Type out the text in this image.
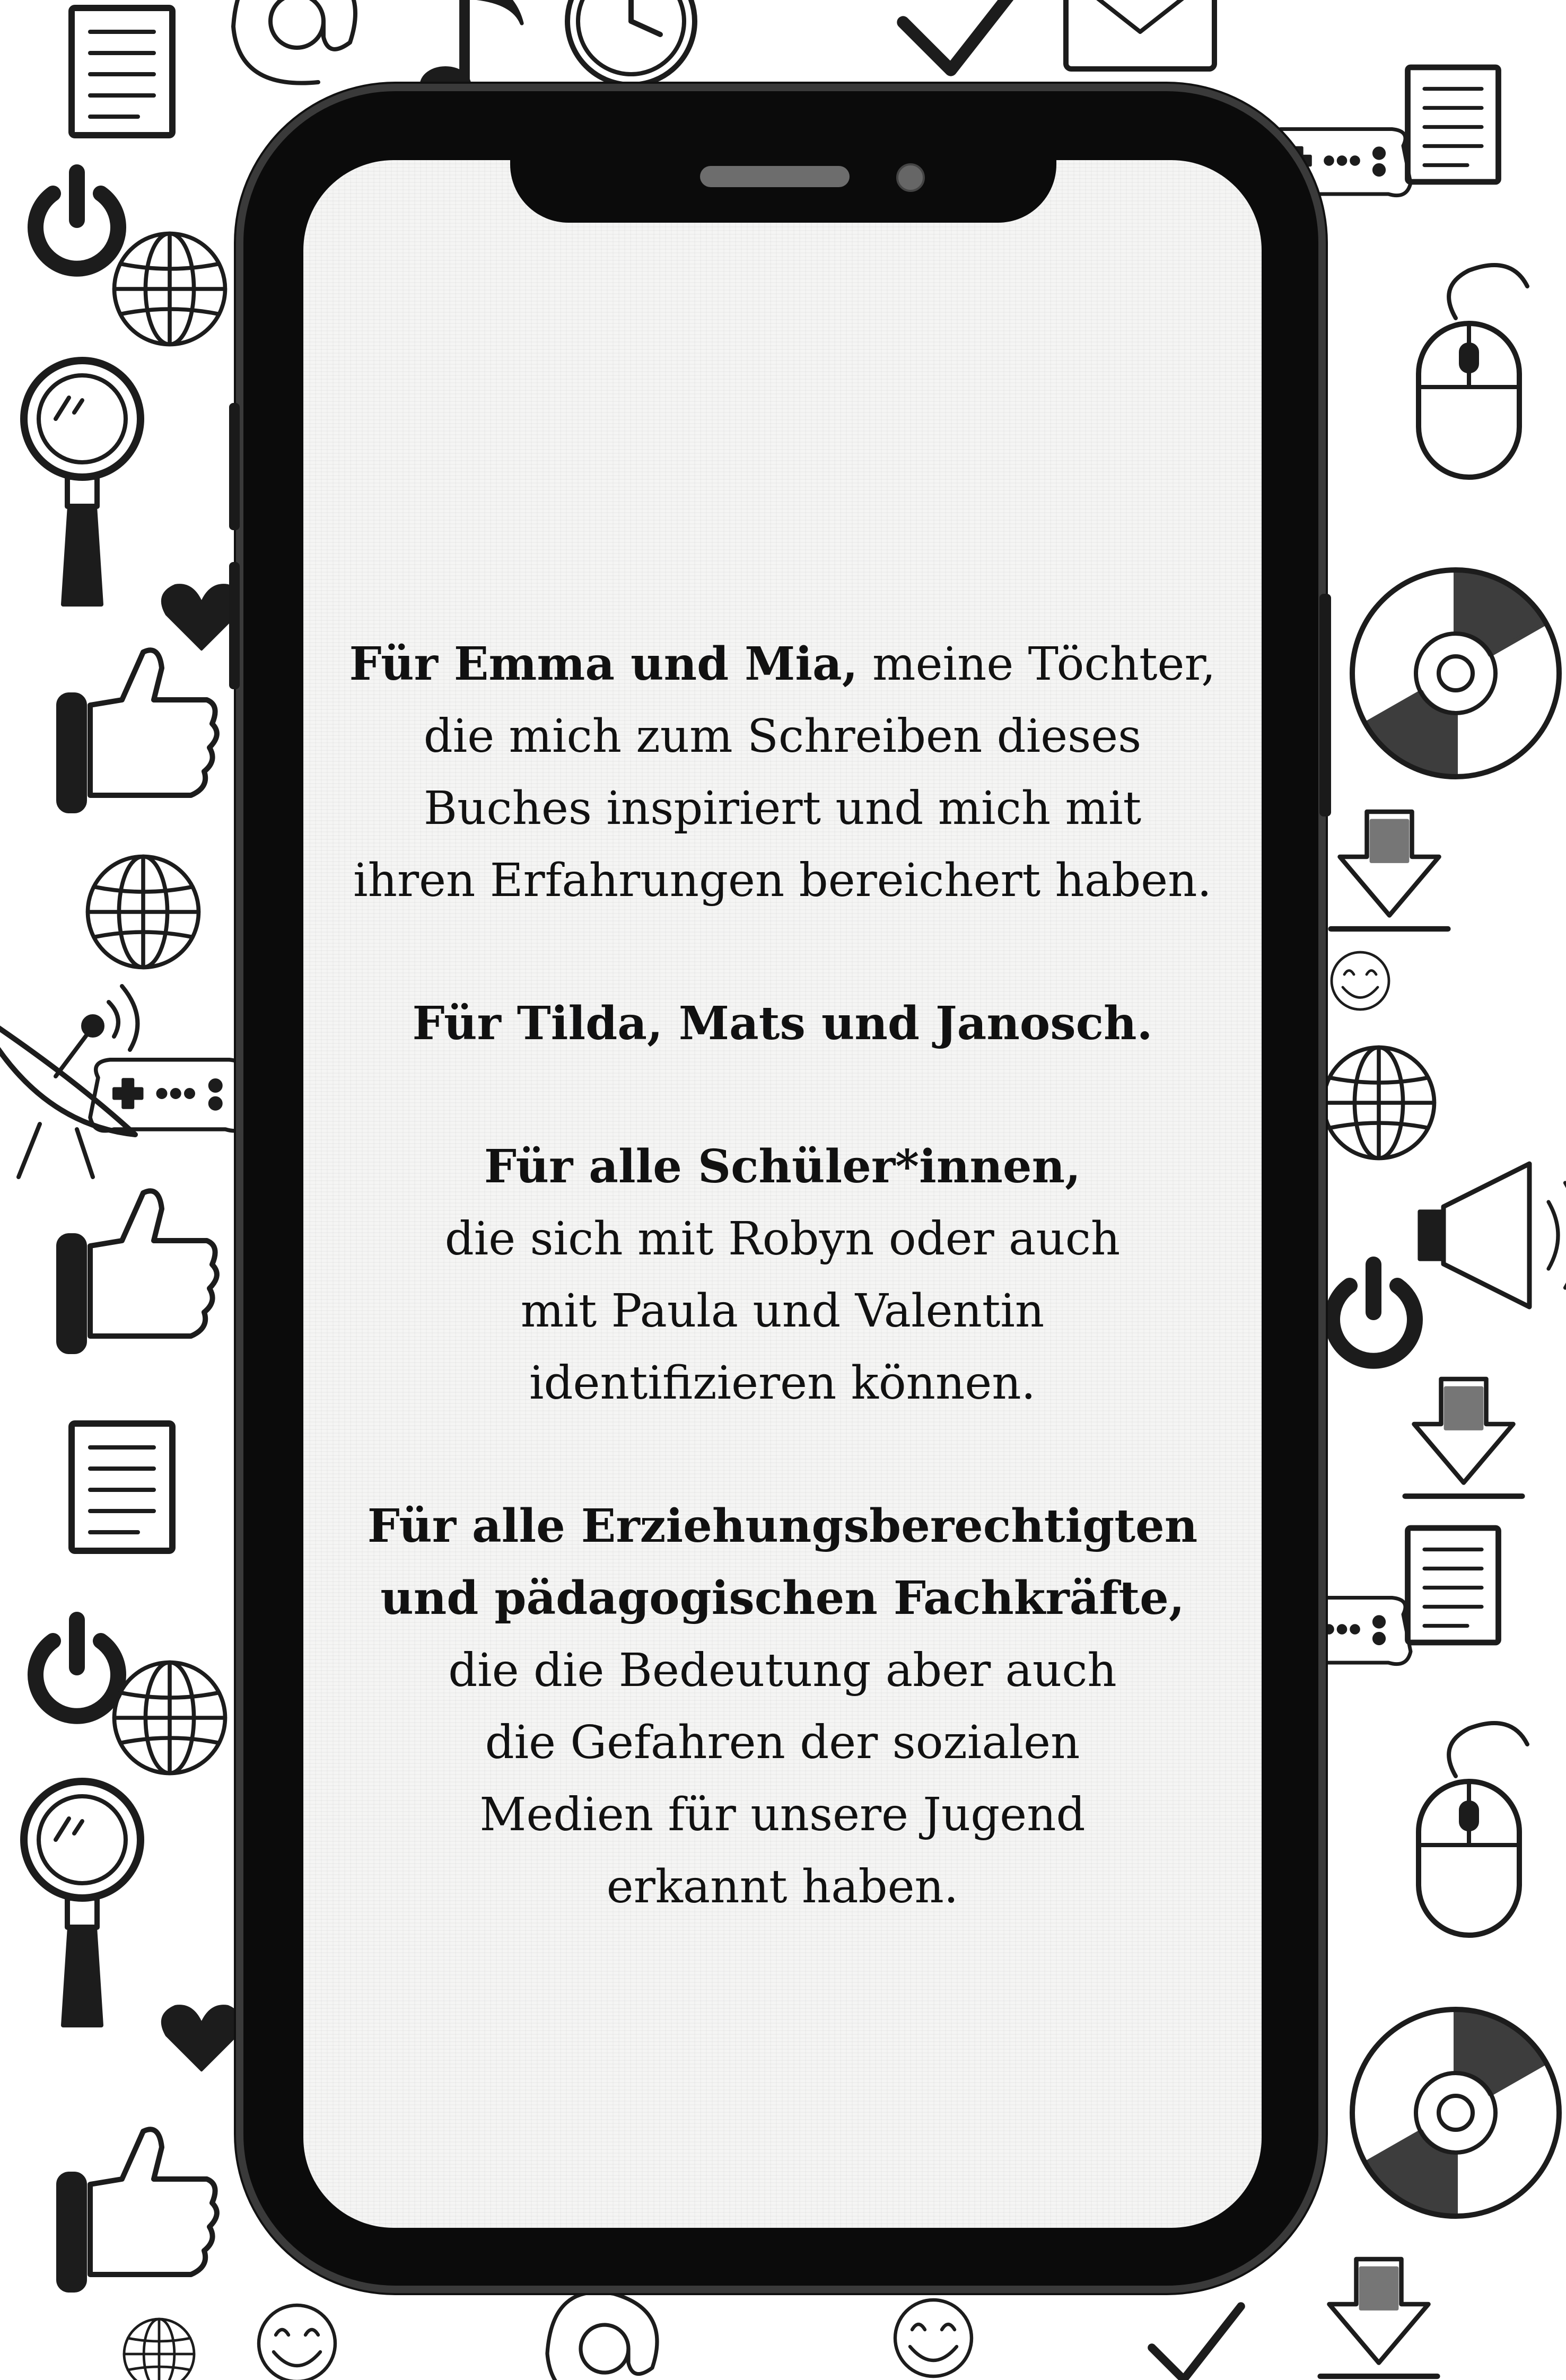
Für Emma und Mia, meine Töchter,
die mich zum Schreiben dieses
Buches inspiriert und mich mit
ihren Erfahrungen bereichert haben.

Für Tilda, Mats und Janosch.

Für alle Schüler*innen,
die sich mit Robyn oder auch
mit Paula und Valentin
identifizieren können.

Für alle Erziehungsberechtigten
und pädagogischen Fachkräfte,
die die Bedeutung aber auch
die Gefahren der sozialen
Medien für unsere Jugend
erkannt haben.
